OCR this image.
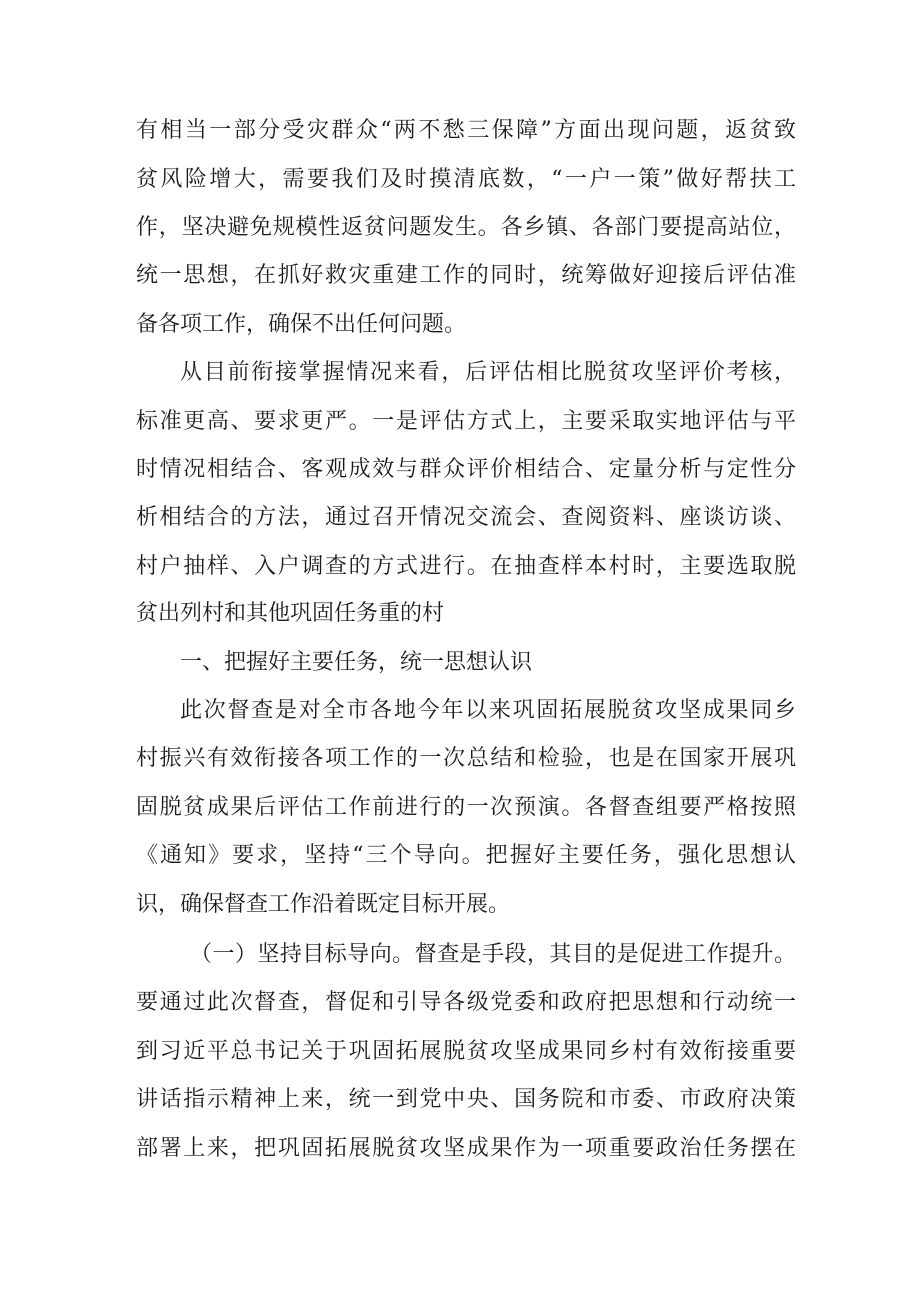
有相当一部分受灾群众“两不愁三保障”方面出现问题，返贫致
贫风险增大，需要我们及时摸清底数，“一户一策”做好帮扶工
作，坚决避免规模性返贫问题发生。各乡镇、各部门要提高站位，
统一思想，在抓好救灾重建工作的同时，统筹做好迎接后评估准
备各项工作，确保不出任何问题。
从目前衔接掌握情况来看，后评估相比脱贫攻坚评价考核，
标准更高、要求更严。一是评估方式上，主要采取实地评估与平
时情况相结合、客观成效与群众评价相结合、定量分析与定性分
析相结合的方法，通过召开情况交流会、查阅资料、座谈访谈、
村户抽样、入户调查的方式进行。在抽查样本村时，主要选取脱
贫出列村和其他巩固任务重的村
一、把握好主要任务，统一思想认识
此次督查是对全市各地今年以来巩固拓展脱贫攻坚成果同乡
村振兴有效衔接各项工作的一次总结和检验，也是在国家开展巩
固脱贫成果后评估工作前进行的一次预演。各督查组要严格按照
《通知》要求，坚持“三个导向。把握好主要任务，强化思想认
识，确保督查工作沿着既定目标开展。
（一）坚持目标导向。督查是手段，其目的是促进工作提升。
要通过此次督查，督促和引导各级党委和政府把思想和行动统一
到习近平总书记关于巩固拓展脱贫攻坚成果同乡村有效衔接重要
讲话指示精神上来，统一到党中央、国务院和市委、市政府决策
部署上来，把巩固拓展脱贫攻坚成果作为一项重要政治任务摆在
